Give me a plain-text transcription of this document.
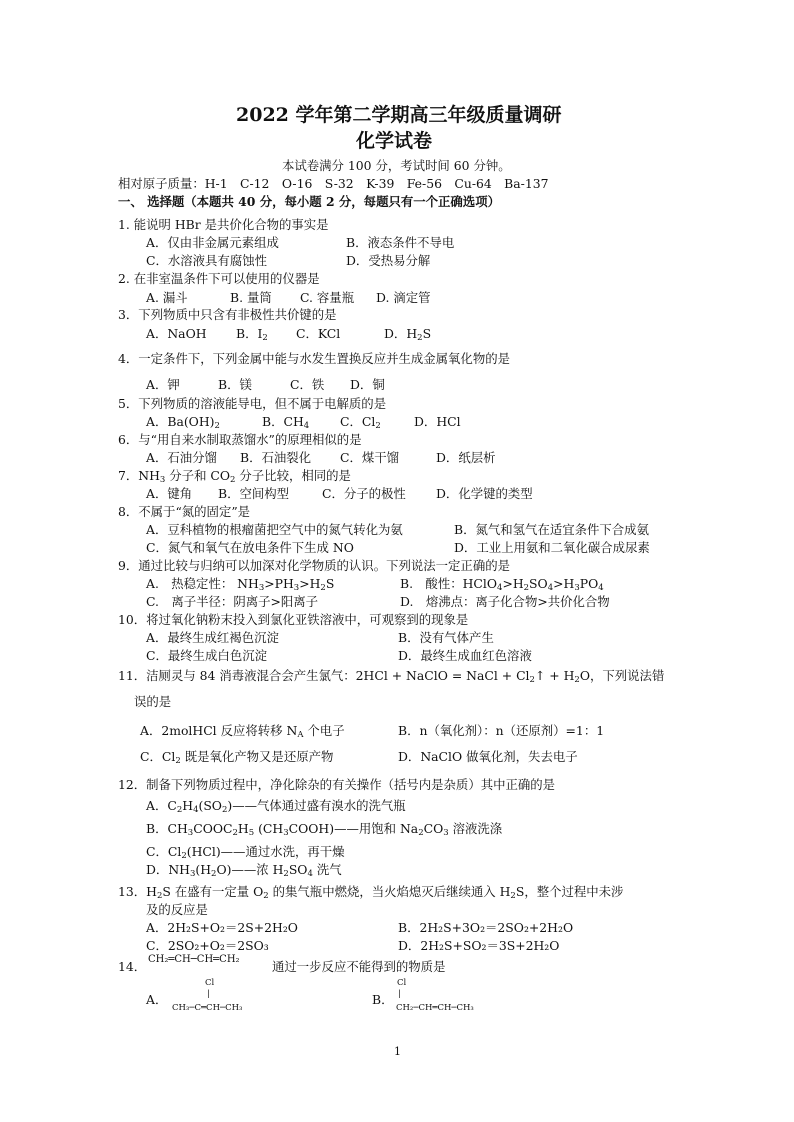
2022 学年第二学期高三年级质量调研
化学试卷
本试卷满分 100 分，考试时间 60 分钟。
相对原子质量：H-1　C-12　O-16　S-32　K-39　Fe-56　Cu-64　Ba-137
一、 选择题（本题共 40 分，每小题 2 分，每题只有一个正确选项）
1. 能说明 HBr 是共价化合物的事实是
A．仅由非金属元素组成	B．液态条件不导电
C．水溶液具有腐蚀性	D．受热易分解
2. 在非室温条件下可以使用的仪器是
A. 漏斗	B. 量筒 C. 容量瓶 D. 滴定管
3．下列物质中只含有非极性共价键的是
A．NaOH B．$I_2$ C．KCl	D．$H_2S$
4．一定条件下，下列金属中能与水发生置换反应并生成金属氧化物的是
A．钾	B．镁	C．铁 D．铜
5．下列物质的溶液能导电，但不属于电解质的是
A．$Ba(OH)_2$	B．$CH_4$ C．$Cl_2$	D．HCl
6．与“用自来水制取蒸馏水”的原理相似的是
A．石油分馏 B．石油裂化 C．煤干馏	D．纸层析
7．$NH_3$ 分子和 $CO_2$ 分子比较，相同的是
A．键角 B．空间构型	C．分子的极性 D．化学键的类型
8．不属于“氮的固定”是
A．豆科植物的根瘤菌把空气中的氮气转化为氨	B．氮气和氢气在适宜条件下合成氨
C．氮气和氧气在放电条件下生成 NO	D．工业上用氨和二氧化碳合成尿素
9．通过比较与归纳可以加深对化学物质的认识。下列说法一定正确的是
A.　热稳定性： $NH_3>PH_3>H_2S$	B.　酸性：$HClO_4>H_2SO_4>H_3PO_4$
C.　离子半径：阴离子>阳离子	D.　熔沸点：离子化合物>共价化合物
10．将过氧化钠粉末投入到氯化亚铁溶液中，可观察到的现象是
A．最终生成红褐色沉淀	B．没有气体产生
C．最终生成白色沉淀	D．最终生成血红色溶液
11．洁厕灵与 84 消毒液混合会产生氯气：2HCl + NaClO = NaCl + $Cl_2↑ + H_2O$，下列说法错
误的是
A．2molHCl 反应将转移 $N_A$ 个电子	B．n（氧化剂）：n（还原剂）=1：1
C．$Cl_2$ 既是氧化产物又是还原产物	D．NaClO 做氧化剂，失去电子
12．制备下列物质过程中，净化除杂的有关操作（括号内是杂质）其中正确的是
A．$C_2H_4(SO_2)——$气体通过盛有溴水的洗气瓶
B．$CH_3COOC_2H_5$ $(CH_3COOH)——$用饱和 $Na_2CO_3$ 溶液洗涤
C．$Cl_2(HCl)——$通过水洗，再干燥
D．$NH_3(H_2O)——$浓 $H_2SO_4$ 洗气
13．$H_2S$ 在盛有一定量 $O_2$ 的集气瓶中燃烧，当火焰熄灭后继续通入 $H_2S$，整个过程中未涉
及的反应是
A．2H₂S+O₂＝2S+2H₂O	B．2H₂S+3O₂＝2SO₂+2H₂O
C．2SO₂+O₂＝2SO₃	D．2H₂S+SO₂＝3S+2H₂O
14． CH₂═CH─CH═CH₂	通过一步反应不能得到的物质是
A．
Cl
|
CH₃─C═CH─CH₃
B．
Cl
|
CH₂─CH═CH─CH₃
1
